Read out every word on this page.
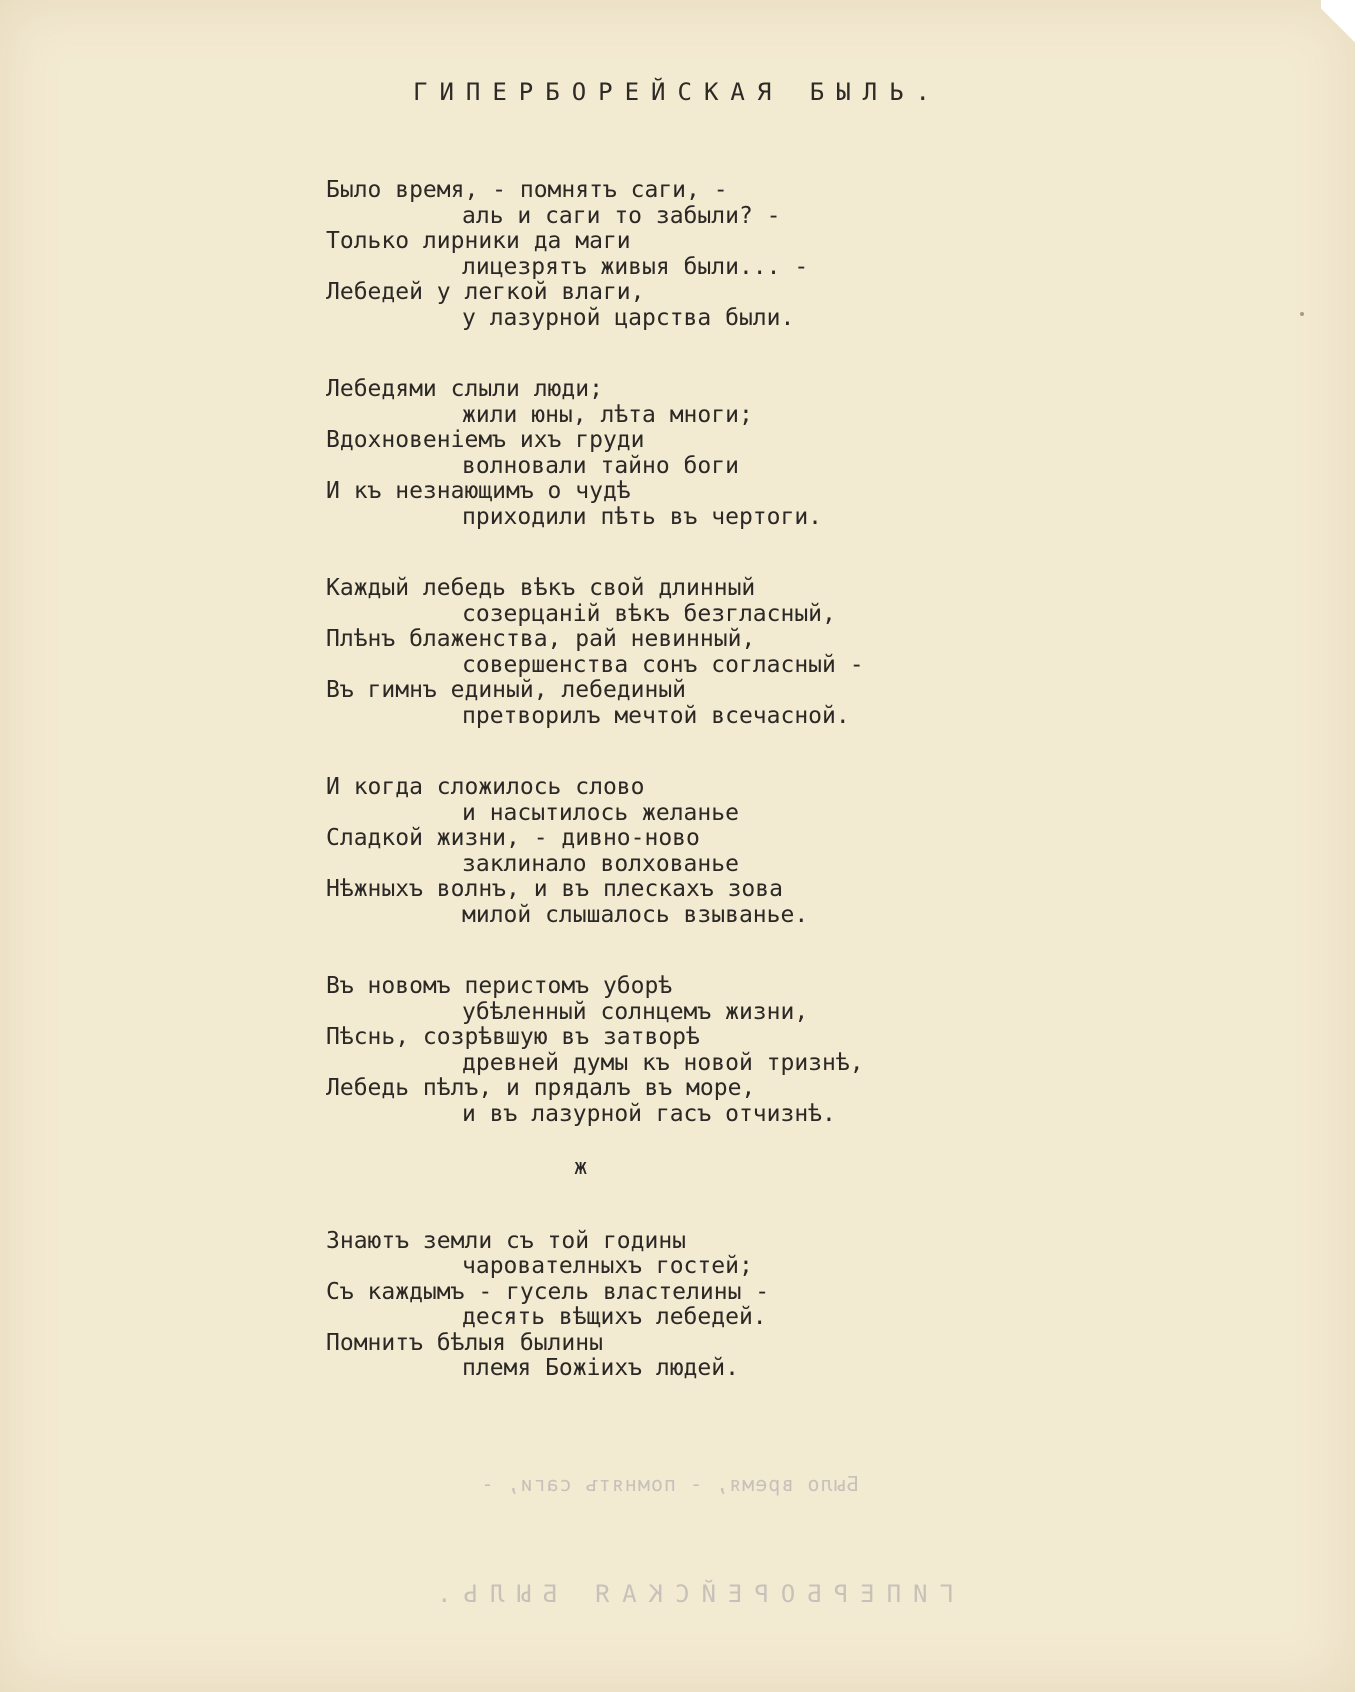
ГИПЕРБОРЕЙСКАЯ БЫЛЬ.
Было время, - помнятъ саги, -
аль и саги то забыли? -
Только лирники да маги
лицезрятъ живыя были... -
Лебедей у легкой влаги,
у лазурной царства были.
Лебедями слыли люди;
жили юны, лѣта многи;
Вдохновеніемъ ихъ груди
волновали тайно боги
И къ незнающимъ о чудѣ
приходили пѣть въ чертоги.
Каждый лебедь вѣкъ свой длинный
созерцаній вѣкъ безгласный,
Плѣнъ блаженства, рай невинный,
совершенства сонъ согласный -
Въ гимнъ единый, лебединый
претворилъ мечтой всечасной.
И когда сложилось слово
и насытилось желанье
Сладкой жизни, - дивно-ново
заклинало волхованье
Нѣжныхъ волнъ, и въ плескахъ зова
милой слышалось взыванье.
Въ новомъ перистомъ уборѣ
убѣленный солнцемъ жизни,
Пѣснь, созрѣвшую въ затворѣ
древней думы къ новой тризнѣ,
Лебедь пѣлъ, и прядалъ въ море,
и въ лазурной гасъ отчизнѣ.
ж
Знаютъ земли съ той годины
чарователныхъ гостей;
Съ каждымъ - гусель властелины -
десять вѣщихъ лебедей.
Помнитъ бѣлыя былины
племя Божіихъ людей.
Было время, - помнятъ саги, -
ГИПЕРБОРЕЙСКАЯ БЫЛЬ.
